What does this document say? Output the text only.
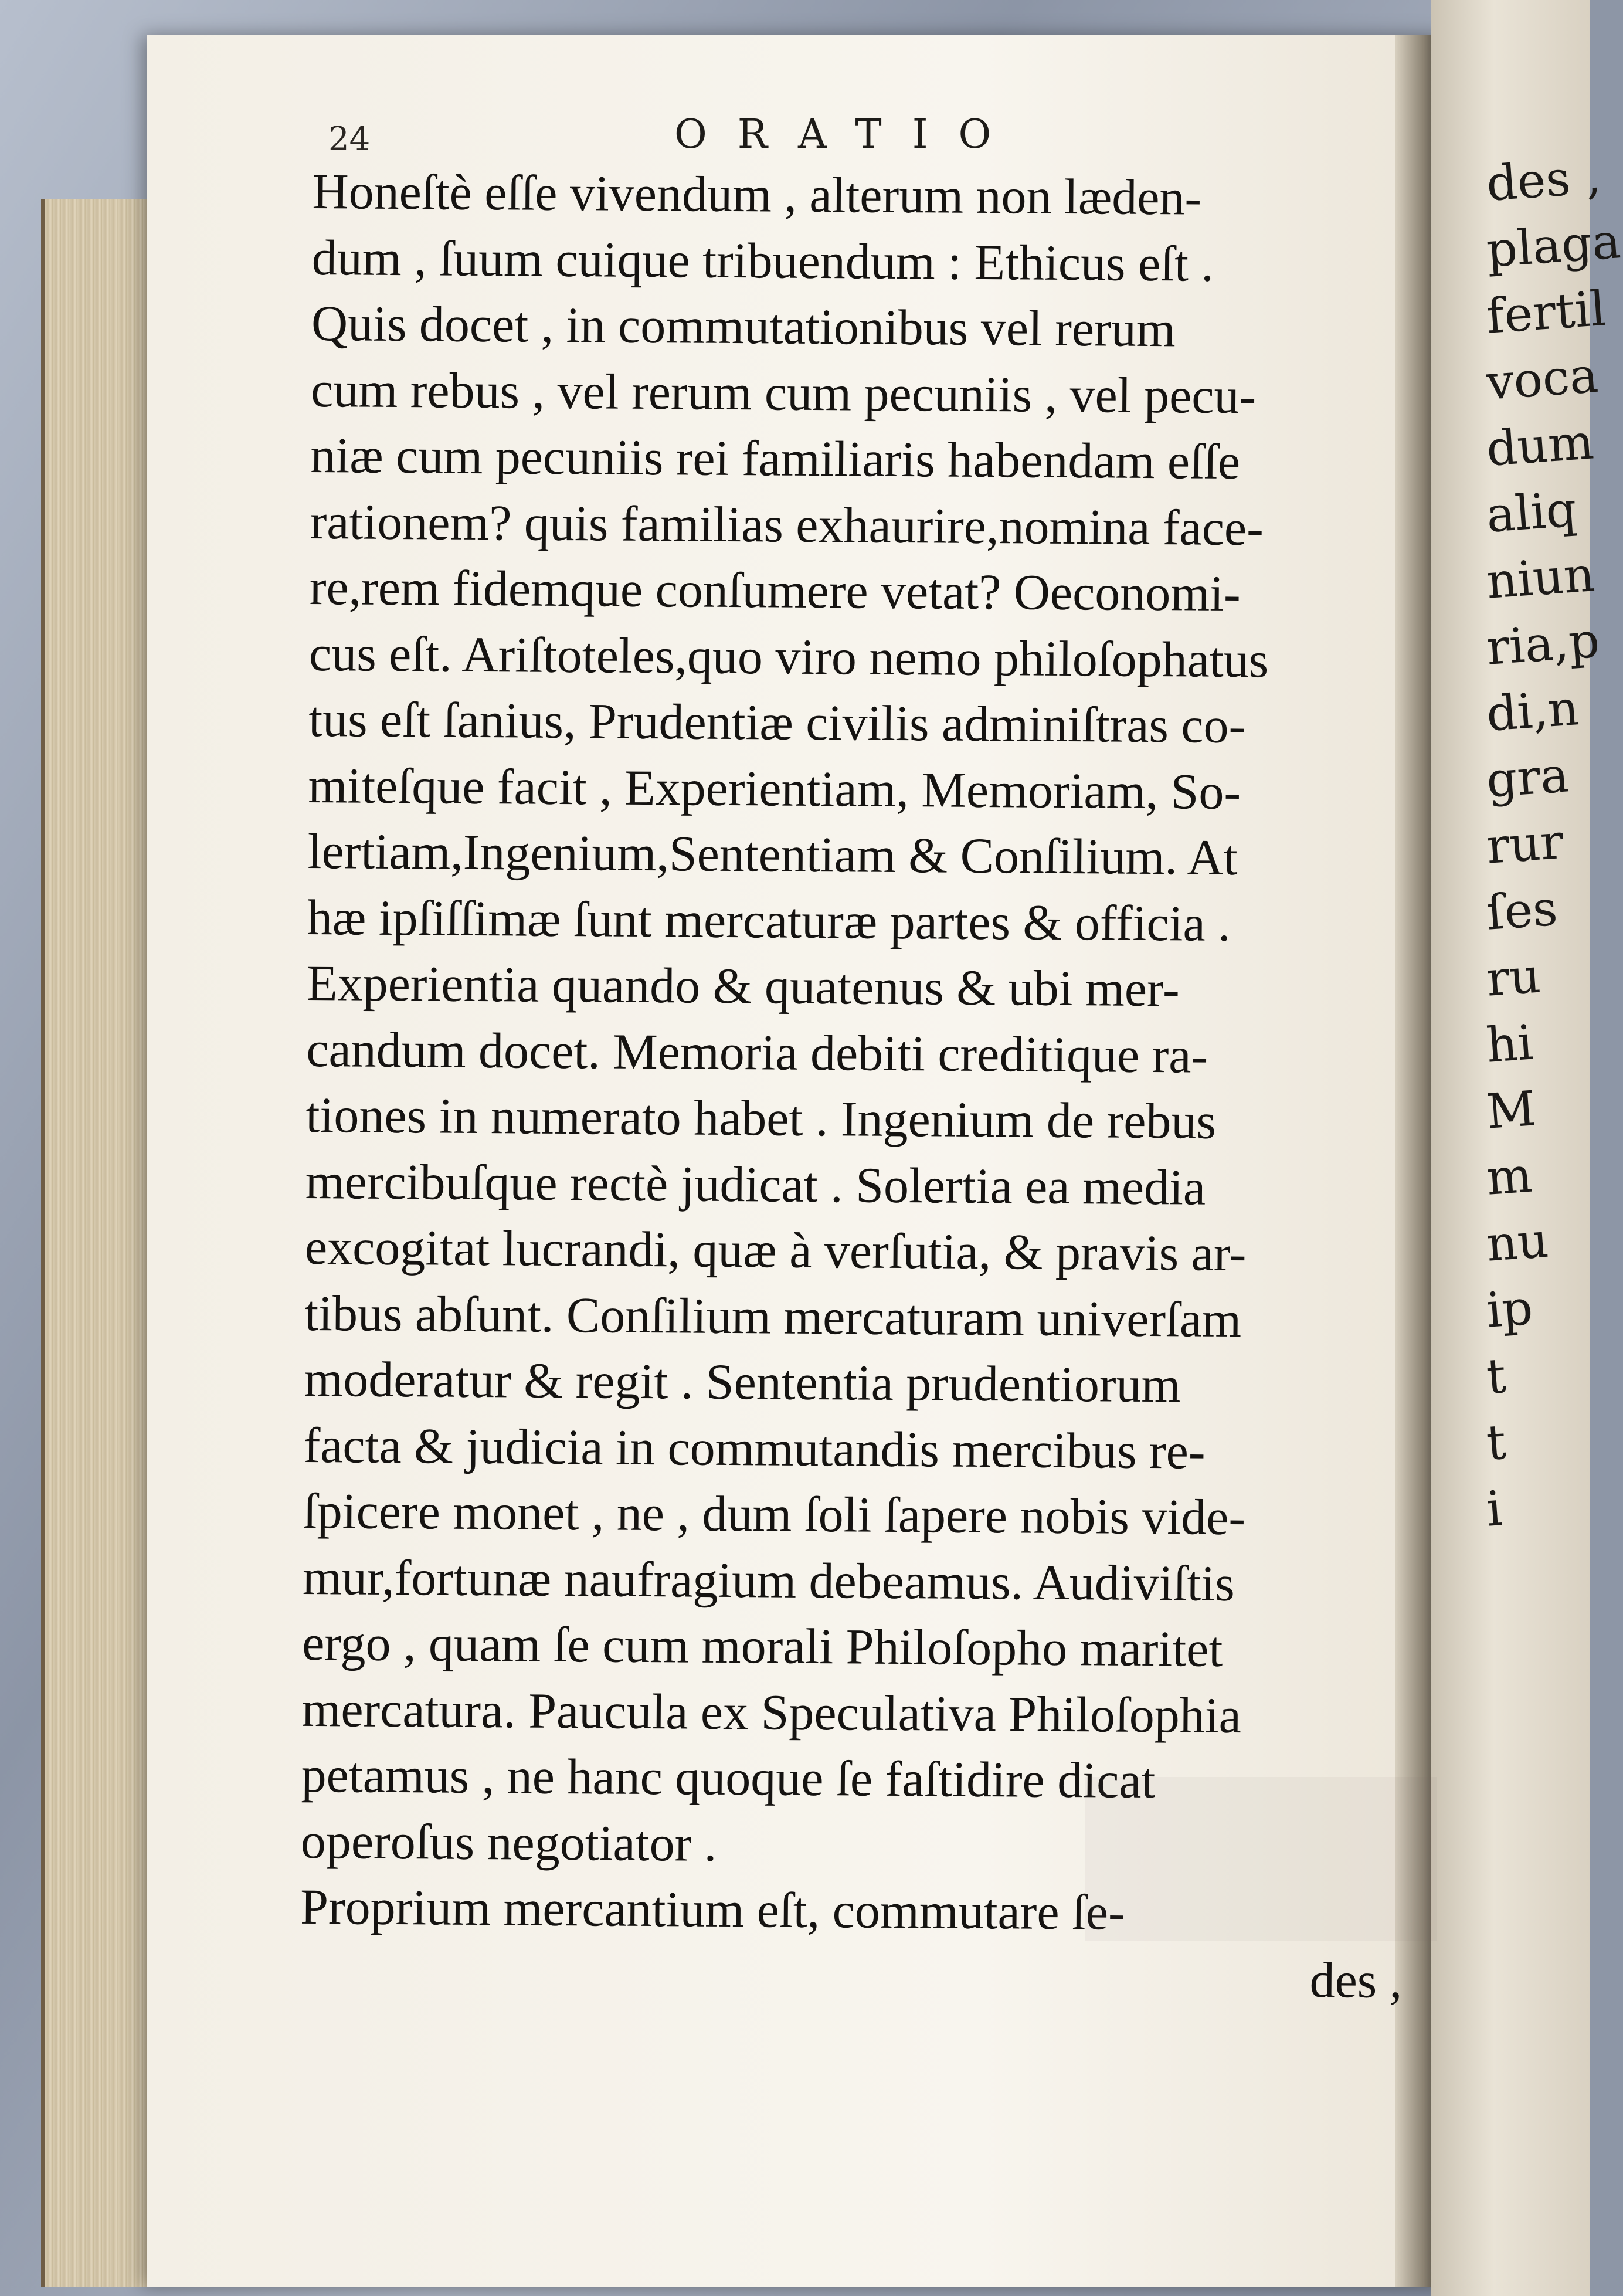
des ,
plaga
fertil
voca
dum
aliq
niun
ria,p
di,n
gra
rur
ſes
ru
hi
M
m
nu
ip
t
t
i
24	ORATIO
Honeſtè eſſe vivendum , alterum non læden-
dum , ſuum cuique tribuendum : Ethicus eſt .
Quis docet , in commutationibus vel rerum
cum rebus , vel rerum cum pecuniis , vel pecu-
niæ cum pecuniis rei familiaris habendam eſſe
rationem? quis familias exhaurire,nomina face-
re,rem fidemque conſumere vetat? Oeconomi-
cus eſt. Ariſtoteles,quo viro nemo philoſophatus
tus eſt ſanius, Prudentiæ civilis adminiſtras co-
miteſque facit , Experientiam, Memoriam, So-
lertiam,Ingenium,Sententiam & Conſilium. At
hæ ipſiſſimæ ſunt mercaturæ partes & officia .
Experientia quando & quatenus & ubi mer-
candum docet. Memoria debiti creditique ra-
tiones in numerato habet . Ingenium de rebus
mercibuſque rectè judicat . Solertia ea media
excogitat lucrandi, quæ à verſutia, & pravis ar-
tibus abſunt. Conſilium mercaturam univerſam
moderatur & regit . Sententia prudentiorum
facta & judicia in commutandis mercibus re-
ſpicere monet , ne , dum ſoli ſapere nobis vide-
mur,fortunæ naufragium debeamus. Audiviſtis
ergo , quam ſe cum morali Philoſopho maritet
mercatura. Paucula ex Speculativa Philoſophia
petamus , ne hanc quoque ſe faſtidire dicat
operoſus negotiator .
Proprium mercantium eſt, commutare ſe-
des ,
